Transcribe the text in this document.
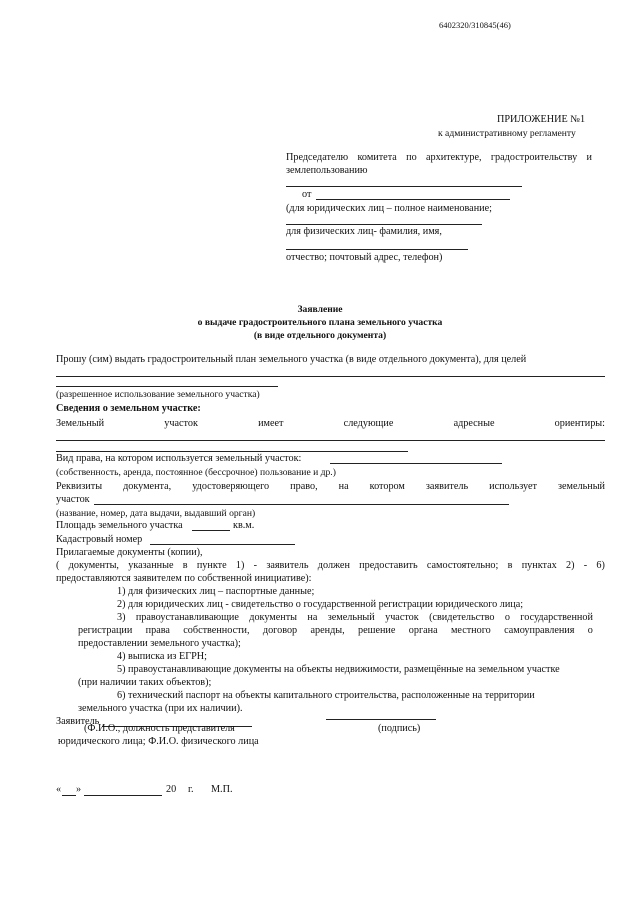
6402320/310845(46)
ПРИЛОЖЕНИЕ №1
к административному регламенту
Председателю комитета по архитектуре, градостроительству и
землепользованию
от
(для юридических лиц – полное наименование;
для физических лиц- фамилия, имя,
отчество; почтовый адрес, телефон)
Заявление
о выдаче градостроительного плана земельного участка
(в виде отдельного документа)
Прошу (сим) выдать градостроительный план земельного участка (в виде отдельного документа), для целей
(разрешенное использование земельного участка)
Сведения о земельном участке:
Земельный	участок	имеет	следующие	адресные	ориентиры:
Вид права, на котором используется земельный участок:
(собственность, аренда, постоянное (бессрочное) пользование и др.)
Реквизиты документа, удостоверяющего право, на котором заявитель использует земельный
участок
(название, номер, дата выдачи, выдавший орган)
Площадь земельного участка	кв.м.
Кадастровый номер
Прилагаемые документы (копии),
( документы, указанные в пункте 1) - заявитель должен предоставить самостоятельно; в пунктах 2) - 6)
предоставляются заявителем по собственной инициативе):
1) для физических лиц – паспортные данные;
2) для юридических лиц - свидетельство о государственной регистрации юридического лица;
3) правоустанавливающие документы на земельный участок (свидетельство о государственной
регистрации права собственности, договор аренды, решение органа местного самоуправления о
предоставлении земельного участка);
4) выписка из ЕГРН;
5) правоустанавливающие документы на объекты недвижимости, размещённые на земельном участке
(при наличии таких объектов);
6) технический паспорт на объекты капитального строительства, расположенные на территории
земельного участка (при их наличии).
Заявитель
(Ф.И.О., должность представителя
юридического лица; Ф.И.О. физического лица
(подпись)
« »	20 г. М.П.
